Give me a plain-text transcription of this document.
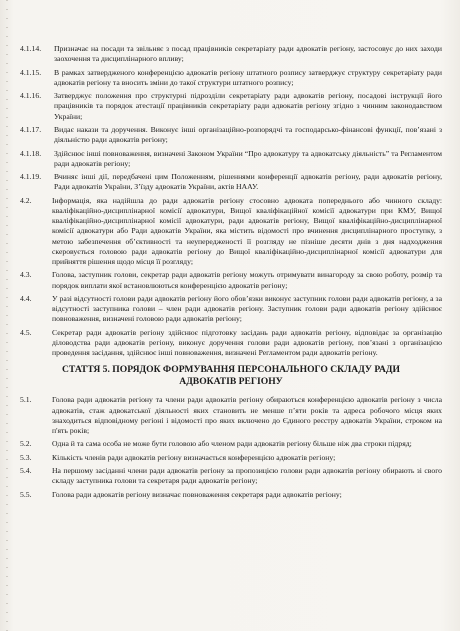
4.1.14.	Призначає на посади та звільняє з посад працівників секретаріату ради адвокатів регіону, застосовує до них заходи заохочення та дисциплінарного впливу;
4.1.15.	В рамках затвердженого конференцією адвокатів регіону штатного розпису затверджує структуру секретаріату ради адвокатів регіону та вносить зміни до такої структури штатного розпису;
4.1.16.	Затверджує положення про структурні підрозділи секретаріату ради адвокатів регіону, посадові інструкції його працівників та порядок атестації працівників секретаріату ради адвокатів регіону згідно з чинним законодавством України;
4.1.17.	Видає накази та доручення. Виконує інші організаційно-розпорядчі та господарсько-фінансові функції, пов’язані з діяльністю ради адвокатів регіону;
4.1.18.	Здійснює інші повноваження, визначені Законом України “Про адвокатуру та адвокатську діяльність” та Регламентом ради адвокатів регіону;
4.1.19.	Вчиняє інші дії, передбачені цим Положенням, рішеннями конференції адвокатів регіону, ради адвокатів регіону, Ради адвокатів України, З’їзду адвокатів України, актів НААУ.
4.2.	Інформація, яка надійшла до ради адвокатів регіону стосовно адвоката попереднього або чинного складу: кваліфікаційно-дисциплінарної комісії адвокатури, Вищої кваліфікаційної комісії адвокатури при КМУ, Вищої кваліфікаційно-дисциплінарної комісії адвокатури, ради адвокатів регіону, Вищої кваліфікаційно-дисциплінарної комісії адвокатури або Ради адвокатів України, яка містить відомості про вчинення дисциплінарного проступку, з метою забезпечення об’єктивності та неупередженості її розгляду не пізніше десяти днів з дня надходження скеровується головою ради адвокатів регіону до Вищої кваліфікаційно-дисциплінарної комісії адвокатури для прийняття рішення щодо місця її розгляду;
4.3.	Голова, заступник голови, секретар ради адвокатів регіону можуть отримувати винагороду за свою роботу, розмір та порядок виплати якої встановлюються конференцією адвокатів регіону;
4.4.	У разі відсутності голови ради адвокатів регіону його обов’язки виконує заступник голови ради адвокатів регіону, а за відсутності заступника голови – член ради адвокатів регіону. Заступник голови ради адвокатів регіону здійснює повноваження, визначені головою ради адвокатів регіону;
4.5.	Секретар ради адвокатів регіону здійснює підготовку засідань ради адвокатів регіону, відповідає за організацію діловодства ради адвокатів регіону, виконує доручення голови ради адвокатів регіону, пов’язані з організацією проведення засідання, здійснює інші повноваження, визначені Регламентом ради адвокатів регіону.
СТАТТЯ 5. ПОРЯДОК ФОРМУВАННЯ ПЕРСОНАЛЬНОГО СКЛАДУ РАДИ
АДВОКАТІВ РЕГІОНУ
5.1.	Голова ради адвокатів регіону та члени ради адвокатів регіону обираються конференцією адвокатів регіону з числа адвокатів, стаж адвокатської діяльності яких становить не менше п’яти років та адреса робочого місця яких знаходиться відповідному регіоні і відомості про яких включено до Єдиного реєстру адвокатів України, строком на п'ять років;
5.2.	Одна й та сама особа не може бути головою або членом ради адвокатів регіону більше ніж два строки підряд;
5.3.	Кількість членів ради адвокатів регіону визначається конференцією адвокатів регіону;
5.4.	На першому засіданні члени ради адвокатів регіону за пропозицією голови ради адвокатів регіону обирають зі свого складу заступника голови та секретаря ради адвокатів регіону;
5.5.	Голова ради адвокатів регіону визначає повноваження секретаря ради адвокатів регіону;
